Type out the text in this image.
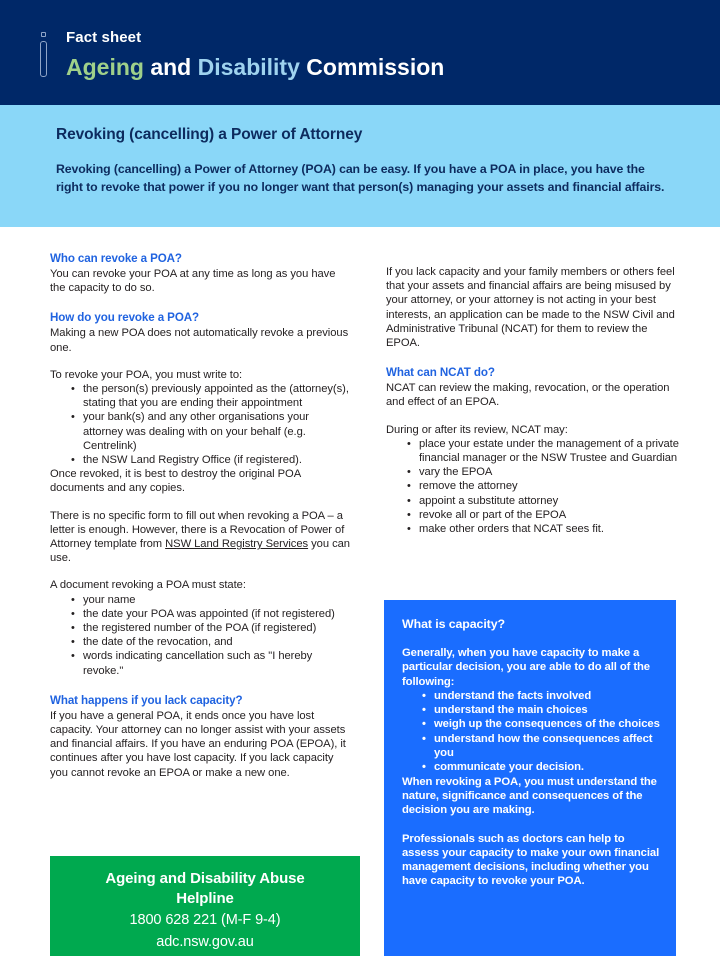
Fact sheet
Ageing and Disability Commission
Revoking (cancelling) a Power of Attorney
Revoking (cancelling) a Power of Attorney (POA) can be easy. If you have a POA in place, you have the right to revoke that power if you no longer want that person(s) managing your assets and financial affairs.
Who can revoke a POA?

You can revoke your POA at any time as long as you have the capacity to do so.

How do you revoke a POA?

Making a new POA does not automatically revoke a previous one.

To revoke your POA, you must write to:

• the person(s) previously appointed as the (attorney(s), stating that you are ending their appointment
• your bank(s) and any other organisations your attorney was dealing with on your behalf (e.g. Centrelink)
• the NSW Land Registry Office (if registered).

Once revoked, it is best to destroy the original POA documents and any copies.

There is no specific form to fill out when revoking a POA – a letter is enough. However, there is a Revocation of Power of Attorney template from NSW Land Registry Services you can use.

A document revoking a POA must state:

• your name
• the date your POA was appointed (if not registered)
• the registered number of the POA (if registered)
• the date of the revocation, and
• words indicating cancellation such as "I hereby revoke."
What happens if you lack capacity?

If you have a general POA, it ends once you have lost capacity. Your attorney can no longer assist with your assets and financial affairs. If you have an enduring POA (EPOA), it continues after you have lost capacity. If you lack capacity you cannot revoke an EPOA or make a new one.

If you lack capacity and your family members or others feel that your assets and financial affairs are being misused by your attorney, or your attorney is not acting in your best interests, an application can be made to the NSW Civil and Administrative Tribunal (NCAT) for them to review the EPOA.

What can NCAT do?

NCAT can review the making, revocation, or the operation and effect of an EPOA.

During or after its review, NCAT may:

• place your estate under the management of a private financial manager or the NSW Trustee and Guardian
• vary the EPOA
• remove the attorney
• appoint a substitute attorney
• revoke all or part of the EPOA
• make other orders that NCAT sees fit.
Ageing and Disability Abuse
Helpline
1800 628 221 (M-F 9-4)
adc.nsw.gov.au
What is capacity?

Generally, when you have capacity to make a particular decision, you are able to do all of the following:

• understand the facts involved
• understand the main choices
• weigh up the consequences of the choices
• understand how the consequences affect you
• communicate your decision.

When revoking a POA, you must understand the nature, significance and consequences of the decision you are making.

Professionals such as doctors can help to assess your capacity to make your own financial management decisions, including whether you have capacity to revoke your POA.
